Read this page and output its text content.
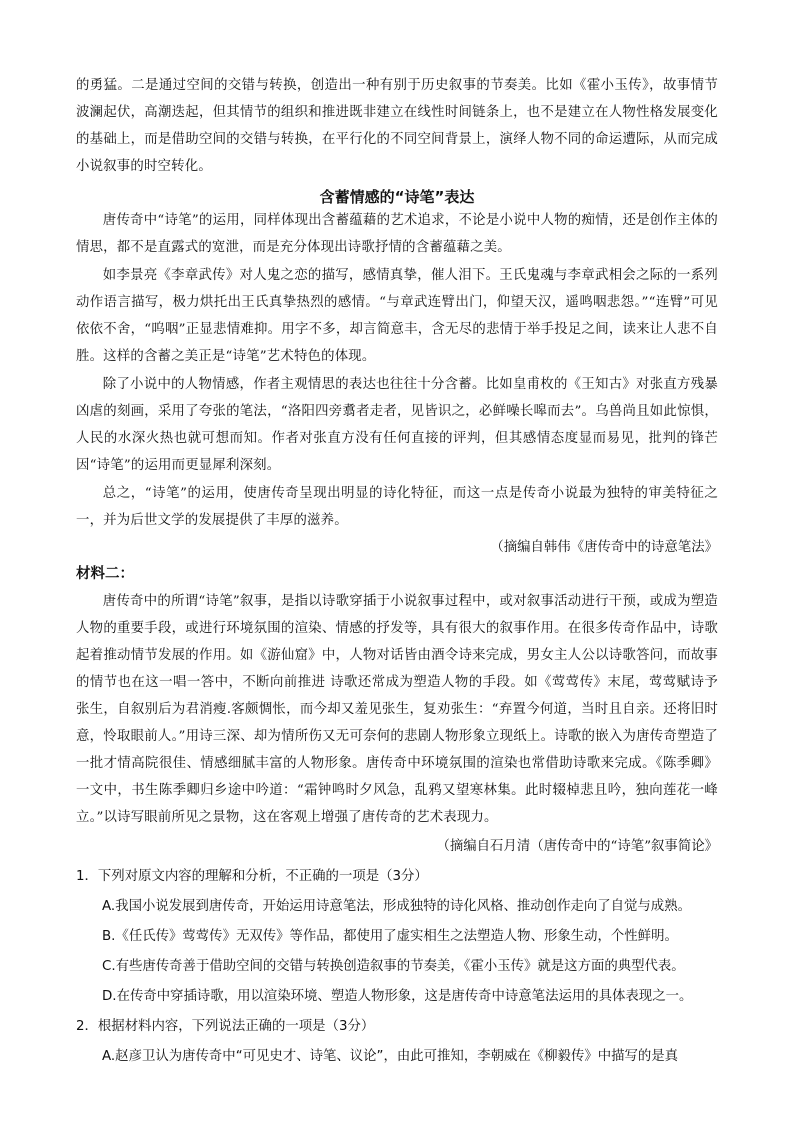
的勇猛。二是通过空间的交错与转换，创造出一种有别于历史叙事的节奏美。比如《霍小玉传》，故事情节波澜起伏，高潮迭起，但其情节的组织和推进既非建立在线性时间链条上，也不是建立在人物性格发展变化的基础上，而是借助空间的交错与转换，在平行化的不同空间背景上，演绎人物不同的命运遭际，从而完成小说叙事的时空转化。

含蓄情感的“诗笔”表达

唐传奇中“诗笔”的运用，同样体现出含蓄蕴藉的艺术追求，不论是小说中人物的痴情，还是创作主体的情思，都不是直露式的宽泄，而是充分体现出诗歌抒情的含蓄蕴藉之美。

如李景亮《李章武传》对人鬼之恋的描写，感情真挚，催人泪下。王氏鬼魂与李章武相会之际的一系列动作语言描写，极力烘托出王氏真挚热烈的感情。“与章武连臂出门，仰望天汉，遥鸣咽悲怨。”“连臂”可见依依不舍，“呜咽”正显悲情难抑。用字不多，却言简意丰，含无尽的悲情于举手投足之间，读来让人悲不自胜。这样的含蓄之美正是“诗笔”艺术特色的体现。

除了小说中的人物情感，作者主观情思的表达也往往十分含蓄。比如皇甫枚的《王知古》对张直方残暴凶虐的刻画，采用了夸张的笔法，“洛阳四旁翥者走者，见皆识之，必鲜噪长嗥而去”。乌兽尚且如此惊惧，人民的水深火热也就可想而知。作者对张直方没有任何直接的评判，但其感情态度显而易见，批判的锋芒因“诗笔”的运用而更显犀利深刻。

总之，“诗笔”的运用，使唐传奇呈现出明显的诗化特征，而这一点是传奇小说最为独特的审美特征之一，并为后世文学的发展提供了丰厚的滋养。

（摘编自韩伟《唐传奇中的诗意笔法》

材料二：

唐传奇中的所谓“诗笔”叙事，是指以诗歌穿插于小说叙事过程中，或对叙事活动进行干预，或成为塑造人物的重要手段，或进行环境氛围的渲染、情感的抒发等，具有很大的叙事作用。在很多传奇作品中，诗歌起着推动情节发展的作用。如《游仙窟》中，人物对话皆由酒令诗来完成，男女主人公以诗歌答问，而故事的情节也在这一唱一答中，不断向前推进 诗歌还常成为塑造人物的手段。如《莺莺传》末尾，莺莺赋诗予张生，自叙别后为君消瘦.客颇惆怅，而今却又羞见张生，复劝张生：“弃置今何道，当时且自亲。还将旧时意，怜取眼前人。”用诗三深、却为情所伤又无可奈何的悲剧人物形象立现纸上。诗歌的嵌入为唐传奇塑造了一批才情高院很佳、情感细腻丰富的人物形象。唐传奇中环境氛围的渲染也常借助诗歌来完成。《陈季卿》一文中，书生陈季卿归乡途中吟道：“霜钟鸣时夕风急，乱鸦又望寒林集。此时辍棹悲且吟，独向莲花一峰立。”以诗写眼前所见之景物，这在客观上增强了唐传奇的艺术表现力。

（摘编自石月清（唐传奇中的“诗笔”叙事简论》

1．下列对原文内容的理解和分析，不正确的一项是（3分）

A.我国小说发展到唐传奇，开始运用诗意笔法，形成独特的诗化风格、推动创作走向了自觉与成熟。

B.《任氏传》莺莺传》无双传》等作品，都使用了虚实相生之法塑造人物、形象生动，个性鲜明。

C.有些唐传奇善于借助空间的交错与转换创造叙事的节奏美，《霍小玉传》就是这方面的典型代表。

D.在传奇中穿插诗歌，用以渲染环境、塑造人物形象，这是唐传奇中诗意笔法运用的具体表现之一。

2．根据材料内容，下列说法正确的一项是（3分）

A.赵彦卫认为唐传奇中“可见史才、诗笔、议论”，由此可推知，李朝威在《柳毅传》中描写的是真
